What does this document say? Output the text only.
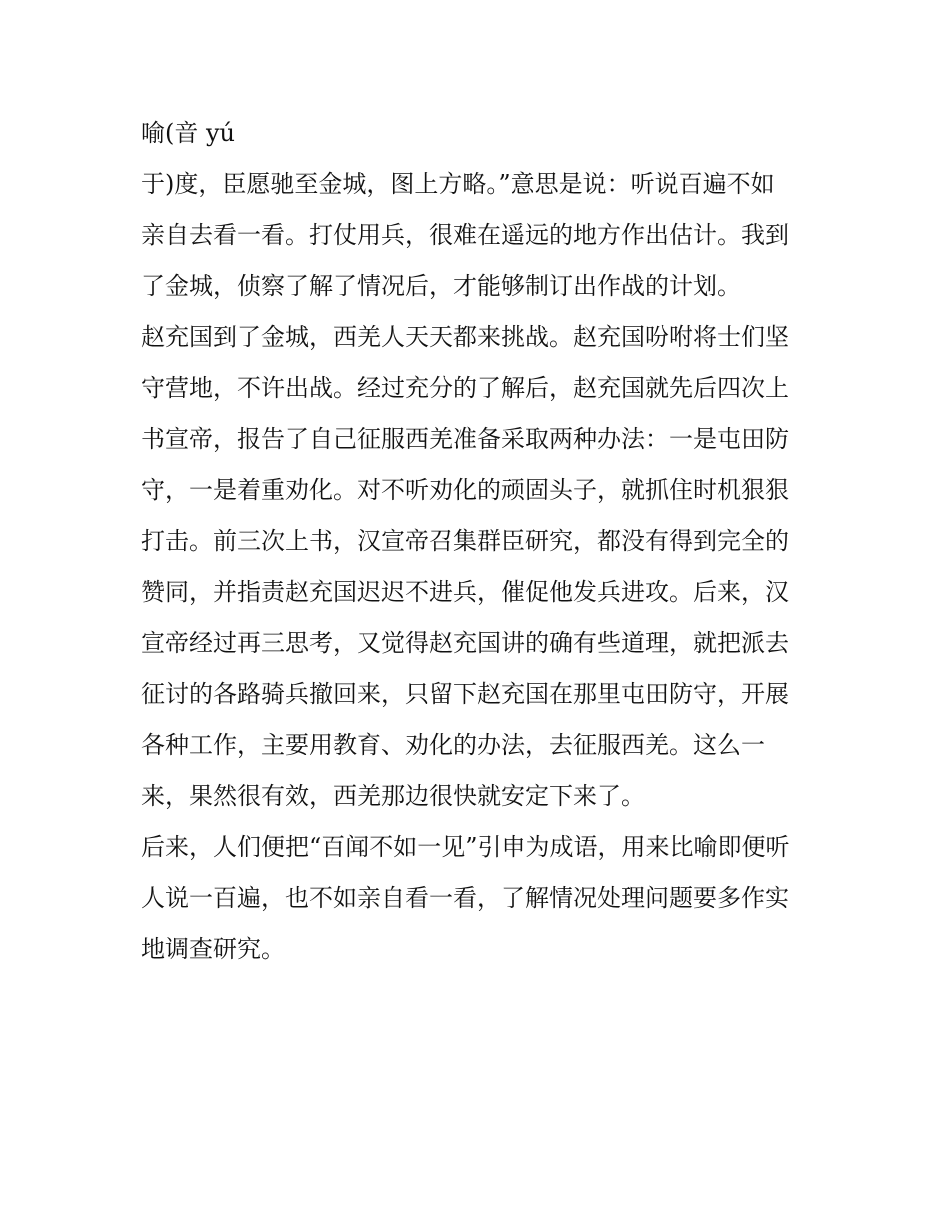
喻(音 yú
于)度，臣愿驰至金城，图上方略。”意思是说：听说百遍不如
亲自去看一看。打仗用兵，很难在遥远的地方作出估计。我到
了金城，侦察了解了情况后，才能够制订出作战的计划。
赵充国到了金城，西羌人天天都来挑战。赵充国吩咐将士们坚
守营地，不许出战。经过充分的了解后，赵充国就先后四次上
书宣帝，报告了自己征服西羌准备采取两种办法：一是屯田防
守，一是着重劝化。对不听劝化的顽固头子，就抓住时机狠狠
打击。前三次上书，汉宣帝召集群臣研究，都没有得到完全的
赞同，并指责赵充国迟迟不进兵，催促他发兵进攻。后来，汉
宣帝经过再三思考，又觉得赵充国讲的确有些道理，就把派去
征讨的各路骑兵撤回来，只留下赵充国在那里屯田防守，开展
各种工作，主要用教育、劝化的办法，去征服西羌。这么一
来，果然很有效，西羌那边很快就安定下来了。
后来，人们便把“百闻不如一见”引申为成语，用来比喻即便听
人说一百遍，也不如亲自看一看，了解情况处理问题要多作实
地调查研究。
